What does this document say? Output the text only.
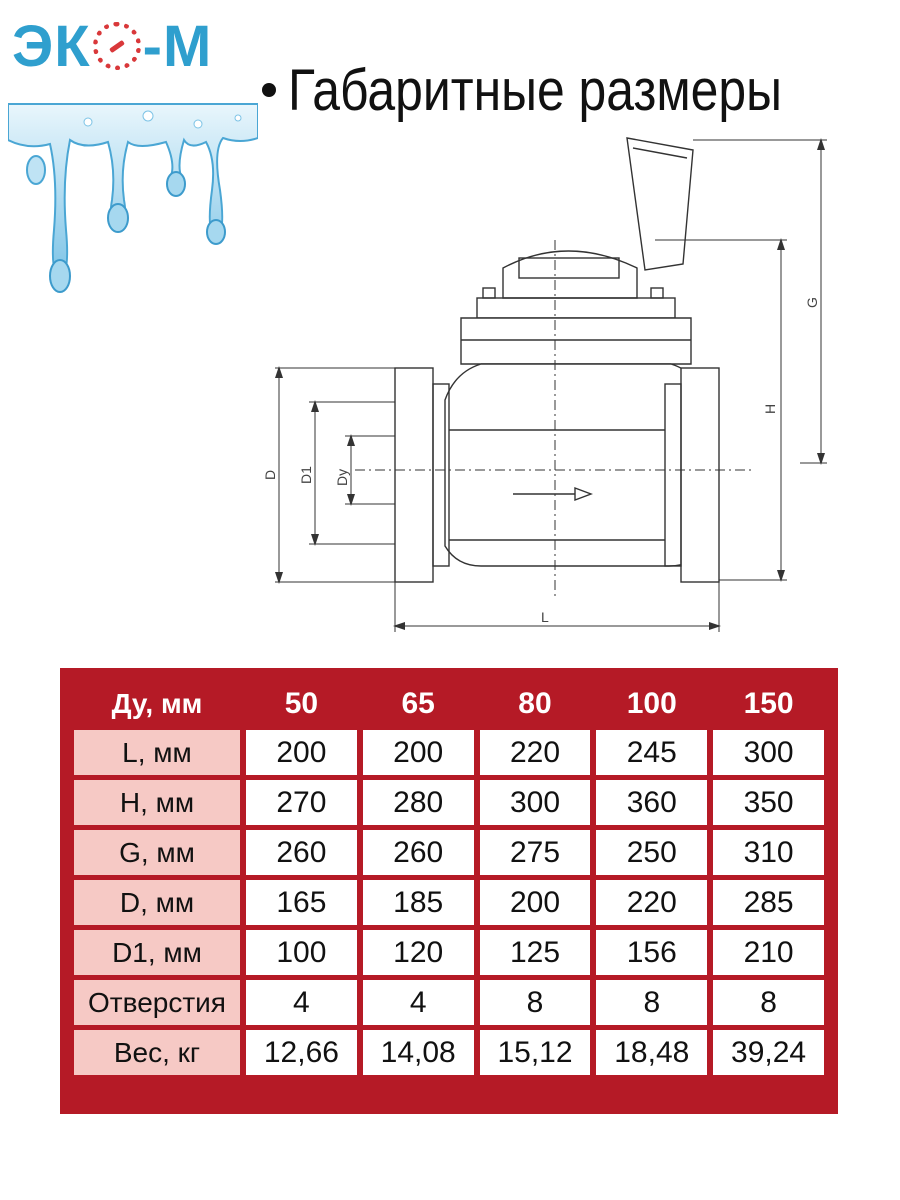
ЭК -М
Габаритные размеры
G
H
D D1 Dy
L
Ду, мм	50	65	80	100	150
L, мм	200	200	220	245	300
H, мм	270	280	300	360	350
G, мм	260	260	275	250	310
D, мм	165	185	200	220	285
D1, мм	100	120	125	156	210
Отверстия	4	4	8	8	8
Вес, кг	12,66	14,08	15,12	18,48	39,24
